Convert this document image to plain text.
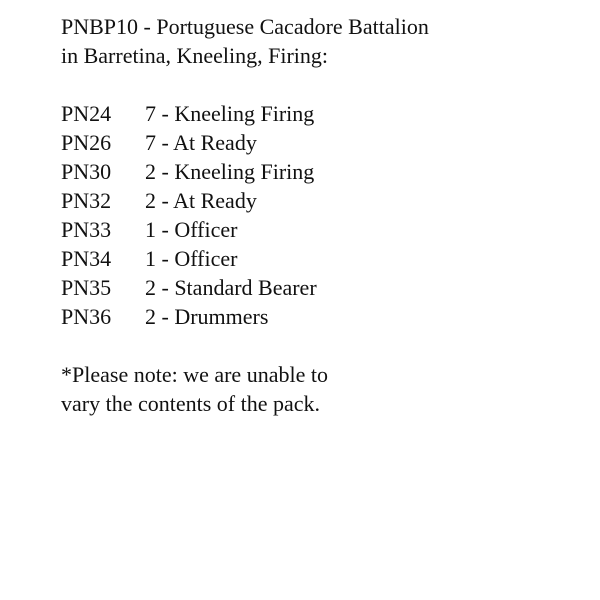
PNBP10 - Portuguese Cacadore Battalion
in Barretina, Kneeling, Firing:
PN24	7 - Kneeling Firing
PN26	7 - At Ready
PN30	2 - Kneeling Firing
PN32	2 - At Ready
PN33	1 - Officer
PN34	1 - Officer
PN35	2 - Standard Bearer
PN36	2 - Drummers
*Please note: we are unable to
vary the contents of the pack.
